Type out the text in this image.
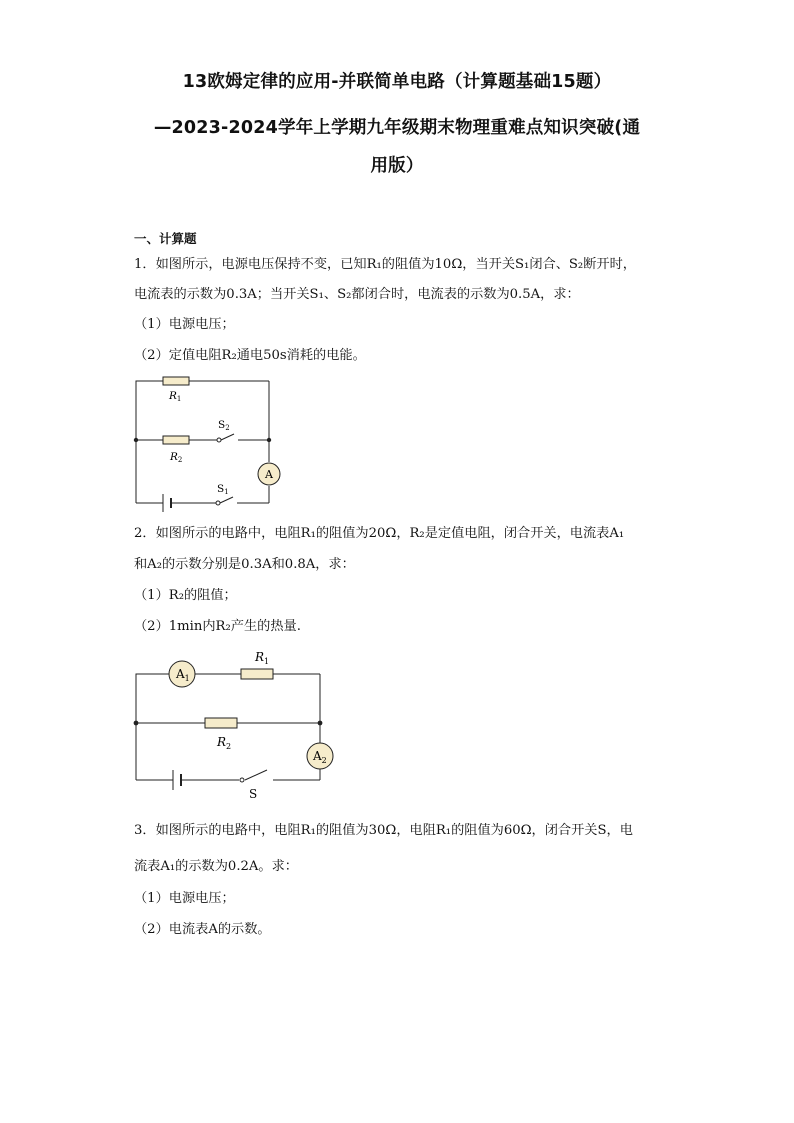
13欧姆定律的应用-并联简单电路（计算题基础15题）
—2023-2024学年上学期九年级期末物理重难点知识突破(通
用版）
一、计算题
1．如图所示，电源电压保持不变，已知R₁的阻值为10Ω，当开关S₁闭合、S₂断开时，
电流表的示数为0.3A；当开关S₁、S₂都闭合时，电流表的示数为0.5A，求：
（1）电源电压；
（2）定值电阻R₂通电50s消耗的电能。
A
R1
R2
S2
S1
2．如图所示的电路中，电阻R₁的阻值为20Ω，R₂是定值电阻，闭合开关，电流表A₁
和A₂的示数分别是0.3A和0.8A，求：
（1）R₂的阻值；
（2）1min内R₂产生的热量.
$A_1$
$R_1$
$R_2$
$A_2$
S
3．如图所示的电路中，电阻R₁的阻值为30Ω，电阻R₁的阻值为60Ω，闭合开关S，电
流表A₁的示数为0.2A。求：
（1）电源电压；
（2）电流表A的示数。
